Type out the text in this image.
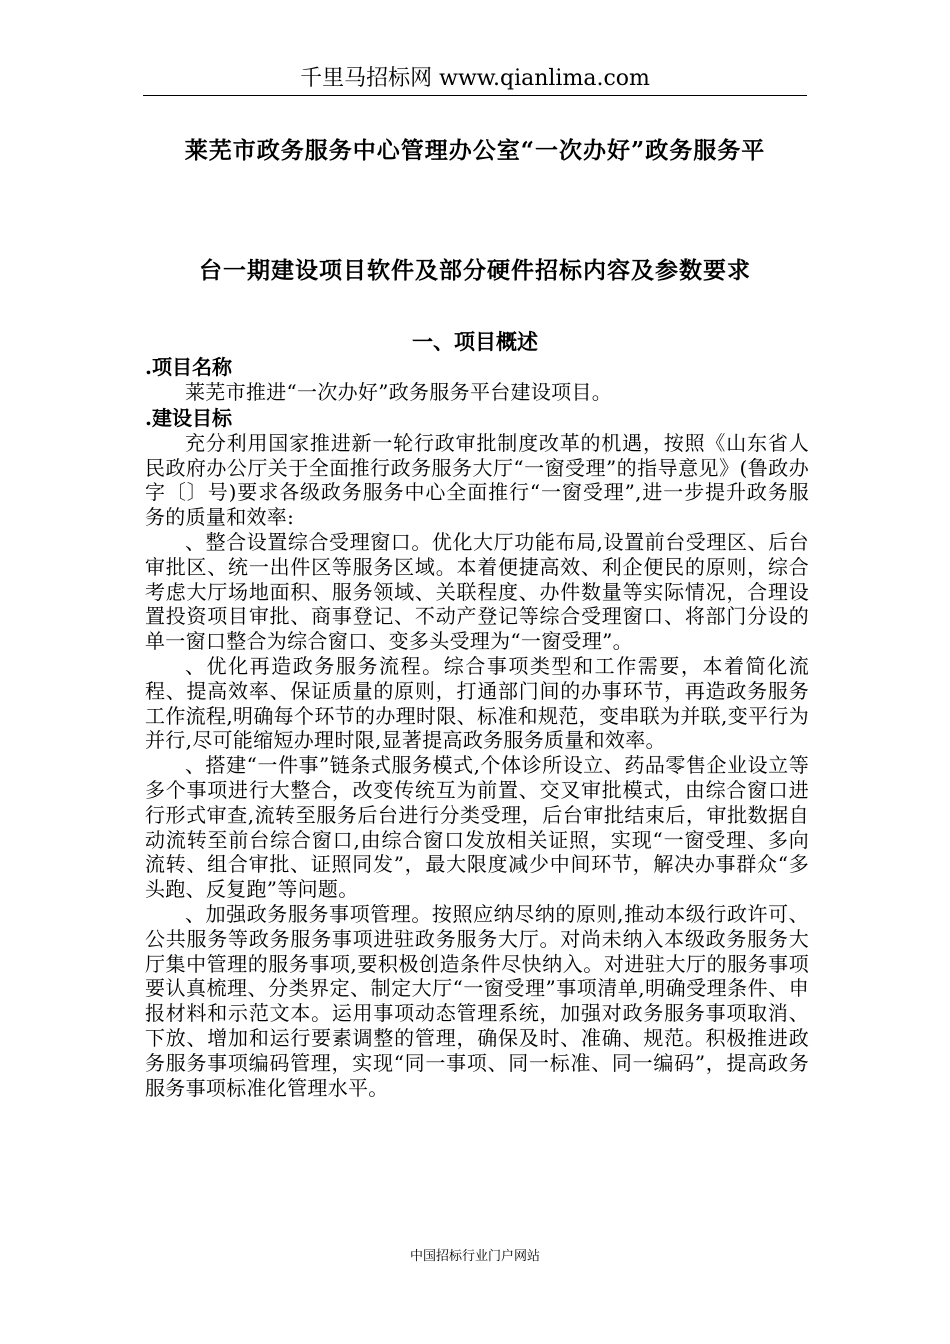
千里马招标网 www.qianlima.com
莱芜市政务服务中心管理办公室“一次办好”政务服务平
台一期建设项目软件及部分硬件招标内容及参数要求
一、项目概述

.项目名称

莱芜市推进“一次办好”政务服务平台建设项目。

.建设目标

充分利用国家推进新一轮行政审批制度改革的机遇，按照《山东省人民政府办公厅关于全面推行政务服务大厅“一窗受理”的指导意见》(鲁政办字〔〕号)要求各级政务服务中心全面推行“一窗受理”,进一步提升政务服务的质量和效率:

、整合设置综合受理窗口。优化大厅功能布局,设置前台受理区、后台审批区、统一出件区等服务区域。本着便捷高效、利企便民的原则，综合考虑大厅场地面积、服务领域、关联程度、办件数量等实际情况，合理设置投资项目审批、商事登记、不动产登记等综合受理窗口、将部门分设的单一窗口整合为综合窗口、变多头受理为“一窗受理”。

、优化再造政务服务流程。综合事项类型和工作需要，本着简化流程、提高效率、保证质量的原则，打通部门间的办事环节，再造政务服务工作流程,明确每个环节的办理时限、标准和规范，变串联为并联,变平行为并行,尽可能缩短办理时限,显著提高政务服务质量和效率。

、搭建“一件事”链条式服务模式,个体诊所设立、药品零售企业设立等多个事项进行大整合，改变传统互为前置、交叉审批模式，由综合窗口进行形式审查,流转至服务后台进行分类受理，后台审批结束后，审批数据自动流转至前台综合窗口,由综合窗口发放相关证照，实现“一窗受理、多向流转、组合审批、证照同发”，最大限度减少中间环节，解决办事群众“多头跑、反复跑”等问题。

、加强政务服务事项管理。按照应纳尽纳的原则,推动本级行政许可、公共服务等政务服务事项进驻政务服务大厅。对尚未纳入本级政务服务大厅集中管理的服务事项,要积极创造条件尽快纳入。对进驻大厅的服务事项要认真梳理、分类界定、制定大厅“一窗受理”事项清单,明确受理条件、申报材料和示范文本。运用事项动态管理系统，加强对政务服务事项取消、下放、增加和运行要素调整的管理，确保及时、准确、规范。积极推进政务服务事项编码管理，实现“同一事项、同一标准、同一编码”，提高政务服务事项标准化管理水平。

中国招标行业门户网站
